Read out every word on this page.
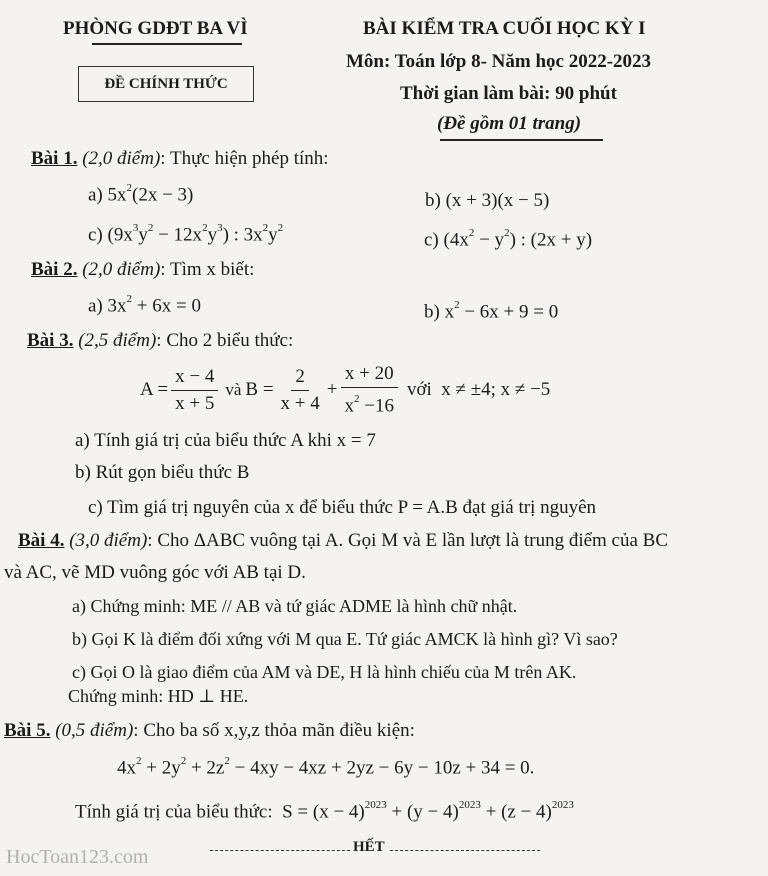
PHÒNG GDĐT BA VÌ
ĐỀ CHÍNH THỨC
BÀI KIỂM TRA CUỐI HỌC KỲ I
Môn: Toán lớp 8- Năm học 2022-2023
Thời gian làm bài: 90 phút
(Đề gồm 01 trang)
Bài 1. (2,0 điểm): Thực hiện phép tính:
a) $5x^2(2x - 3)$	b) (x + 3)(x − 5)
c) $(9x^3y^2 - 12x^2y^3)$ : $3x^2y^2$
c) $(4x^2 - y^2)$ : (2x + y)
Bài 2. (2,0 điểm): Tìm x biết:
a) $3x^2 + 6x = 0$	b) $x^2 - 6x + 9 = 0$
Bài 3. (2,5 điểm): Cho 2 biểu thức:
$A = \frac{x - 4}{x + 5}$ và $B = \frac{2}{x + 4} + \frac{x + 20}{x^2 -16}$ với  x ≠ ±4; x ≠ −5
a) Tính giá trị của biểu thức A khi x = 7
b) Rút gọn biểu thức B
c) Tìm giá trị nguyên của x để biểu thức P = A.B đạt giá trị nguyên
Bài 4. (3,0 điểm): Cho ΔABC vuông tại A. Gọi M và E lần lượt là trung điểm của BC
và AC, vẽ MD vuông góc với AB tại D.
a) Chứng minh: ME // AB và tứ giác ADME là hình chữ nhật.
b) Gọi K là điểm đối xứng với M qua E. Tứ giác AMCK là hình gì? Vì sao?
c) Gọi O là giao điểm của AM và DE, H là hình chiếu của M trên AK.
Chứng minh: HD ⊥ HE.
Bài 5. (0,5 điểm): Cho ba số x,y,z thỏa mãn điều kiện:
$4x^2 + 2y^2 + 2z^2 - 4xy - 4xz + 2yz - 6y - 10z + 34 = 0$.
Tính giá trị của biểu thức:  $S = (x - 4)^{2023} + (y - 4)^{2023} + (z - 4)^{2023}$
HẾT
HocToan123.com
